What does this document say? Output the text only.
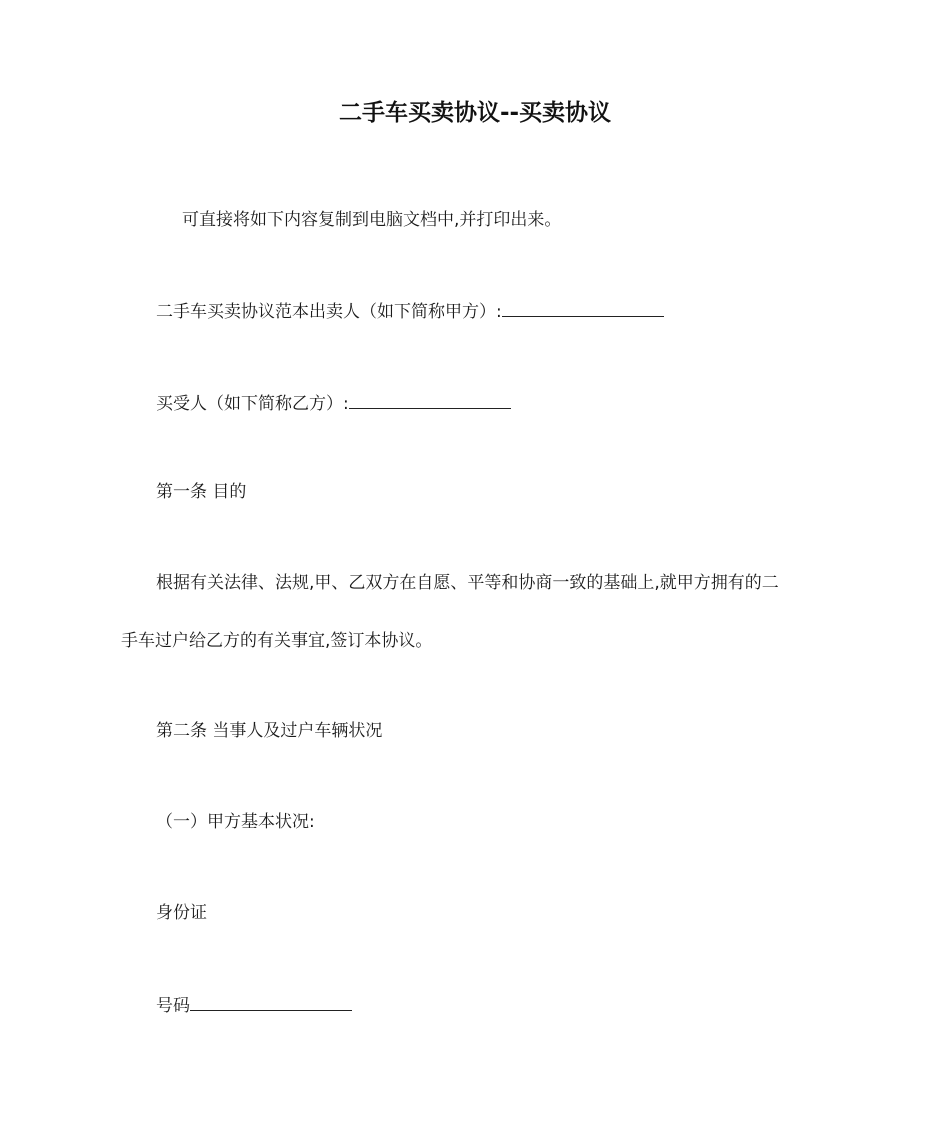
二手车买卖协议--买卖协议
可直接将如下内容复制到电脑文档中,并打印出来。
二手车买卖协议范本出卖人（如下简称甲方）:
买受人（如下简称乙方）:
第一条 目的
根据有关法律、法规,甲、乙双方在自愿、平等和协商一致的基础上,就甲方拥有的二
手车过户给乙方的有关事宜,签订本协议。
第二条 当事人及过户车辆状况
（一）甲方基本状况:
身份证
号码
